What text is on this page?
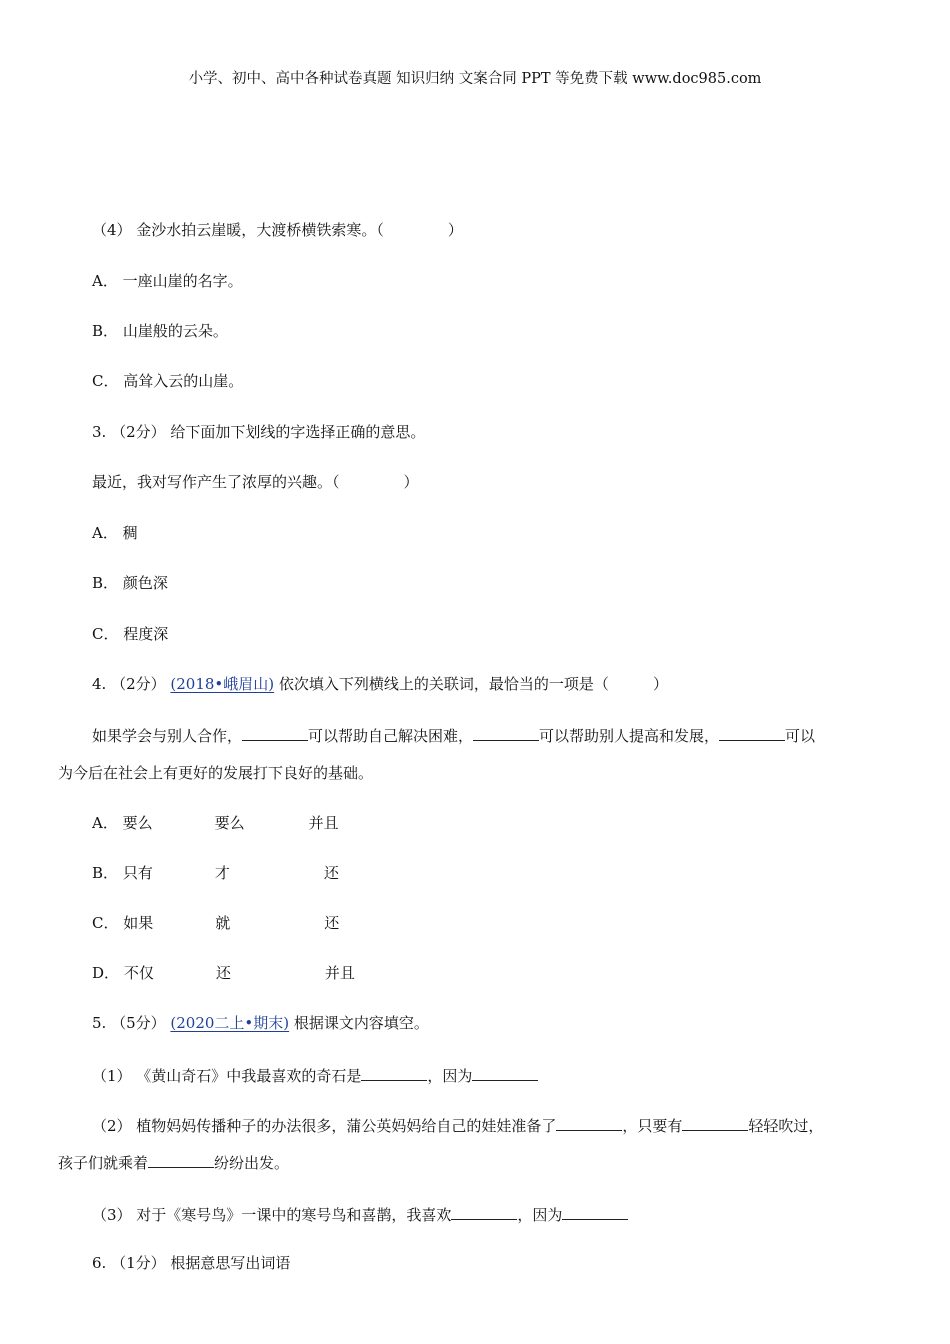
小学、初中、高中各种试卷真题 知识归纳 文案合同 PPT 等免费下载 www.doc985.com
（4） 金沙水拍云崖暖，大渡桥横铁索寒。（	）
A． 一座山崖的名字。
B． 山崖般的云朵。
C． 高耸入云的山崖。
3. （2分） 给下面加下划线的字选择正确的意思。
最近，我对写作产生了浓厚的兴趣。（	）
A． 稠
B． 颜色深
C． 程度深
4. （2分） (2018•峨眉山) 依次填入下列横线上的关联词，最恰当的一项是（	）
如果学会与别人合作，	可以帮助自己解决困难，	可以帮助别人提高和发展，	可以
为今后在社会上有更好的发展打下良好的基础。
A． 要么	要么	并且
B． 只有	才	还
C． 如果	就	还
D． 不仅	还	并且
5. （5分） (2020二上•期末) 根据课文内容填空。
（1） 《黄山奇石》中我最喜欢的奇石是	，因为
（2） 植物妈妈传播种子的办法很多，蒲公英妈妈给自己的娃娃准备了	，只要有	轻轻吹过，
孩子们就乘着	纷纷出发。
（3） 对于《寒号鸟》一课中的寒号鸟和喜鹊，我喜欢	，因为
6. （1分） 根据意思写出词语
